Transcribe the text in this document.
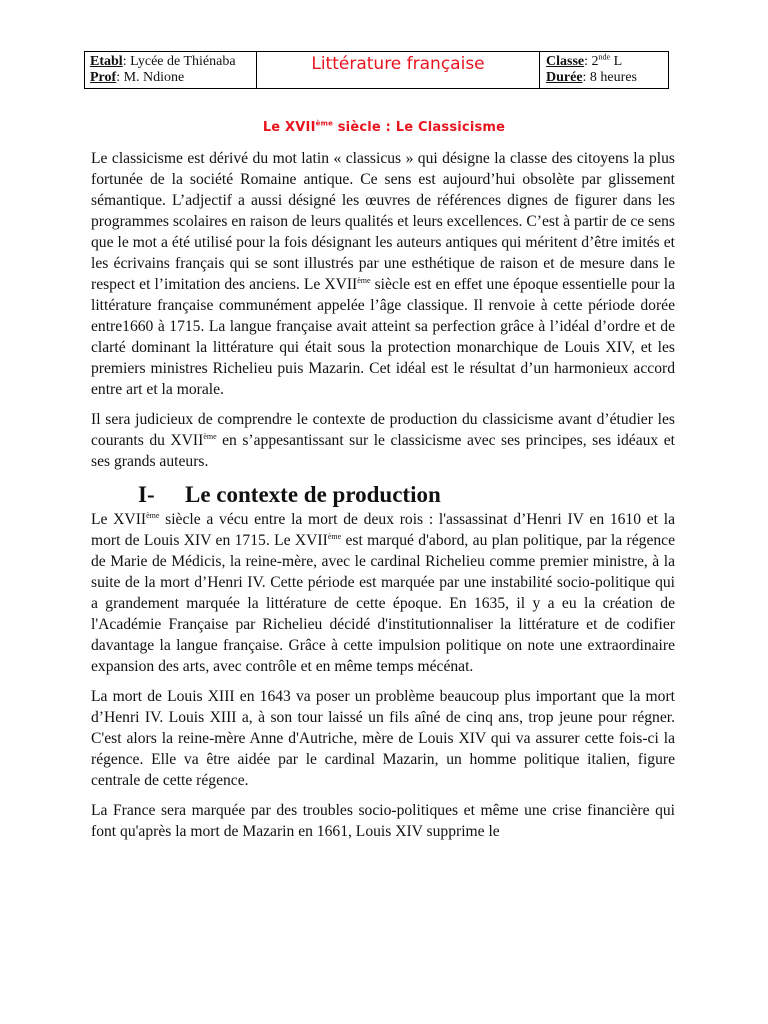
Etabl: Lycée de Thiénaba
Prof: M. Ndione
Littérature française	Classe: 2nde L
Durée: 8 heures
Le XVIIème siècle : Le Classicisme

Le classicisme est dérivé du mot latin « classicus » qui désigne la classe des citoyens la plus fortunée de la société Romaine antique. Ce sens est aujourd’hui obsolète par glissement sémantique. L’adjectif a aussi désigné les œuvres de références dignes de figurer dans les programmes scolaires en raison de leurs qualités et leurs excellences. C’est à partir de ce sens que le mot a été utilisé pour la fois désignant les auteurs antiques qui méritent d’être imités et les écrivains français qui se sont illustrés par une esthétique de raison et de mesure dans le respect et l’imitation des anciens. Le XVIIème siècle est en effet une époque essentielle pour la littérature française communément appelée l’âge classique. Il renvoie à cette période dorée entre1660 à 1715. La langue française avait atteint sa perfection grâce à l’idéal d’ordre et de clarté dominant la littérature qui était sous la protection monarchique de Louis XIV, et les premiers ministres Richelieu puis Mazarin. Cet idéal est le résultat d’un harmonieux accord entre art et la morale.

Il sera judicieux de comprendre le contexte de production du classicisme avant d’étudier les courants du XVIIème en s’appesantissant sur le classicisme avec ses principes, ses idéaux et ses grands auteurs.

I-	Le contexte de production

Le XVIIème siècle a vécu entre la mort de deux rois : l'assassinat d’Henri IV en 1610 et la mort de Louis XIV en 1715. Le XVIIème est marqué d'abord, au plan politique, par la régence de Marie de Médicis, la reine-mère, avec le cardinal Richelieu comme premier ministre, à la suite de la mort d’Henri IV. Cette période est marquée par une instabilité socio-politique qui a grandement marquée la littérature de cette époque. En 1635, il y a eu la création de l'Académie Française par Richelieu décidé d'institutionnaliser la littérature et de codifier davantage la langue française. Grâce à cette impulsion politique on note une extraordinaire expansion des arts, avec contrôle et en même temps mécénat.

La mort de Louis XIII en 1643 va poser un problème beaucoup plus important que la mort d’Henri IV. Louis XIII a, à son tour laissé un fils aîné de cinq ans, trop jeune pour régner. C'est alors la reine-mère Anne d'Autriche, mère de Louis XIV qui va assurer cette fois-ci la régence. Elle va être aidée par le cardinal Mazarin, un homme politique italien, figure centrale de cette régence.

La France sera marquée par des troubles socio-politiques et même une crise financière qui font qu'après la mort de Mazarin en 1661, Louis XIV supprime le
